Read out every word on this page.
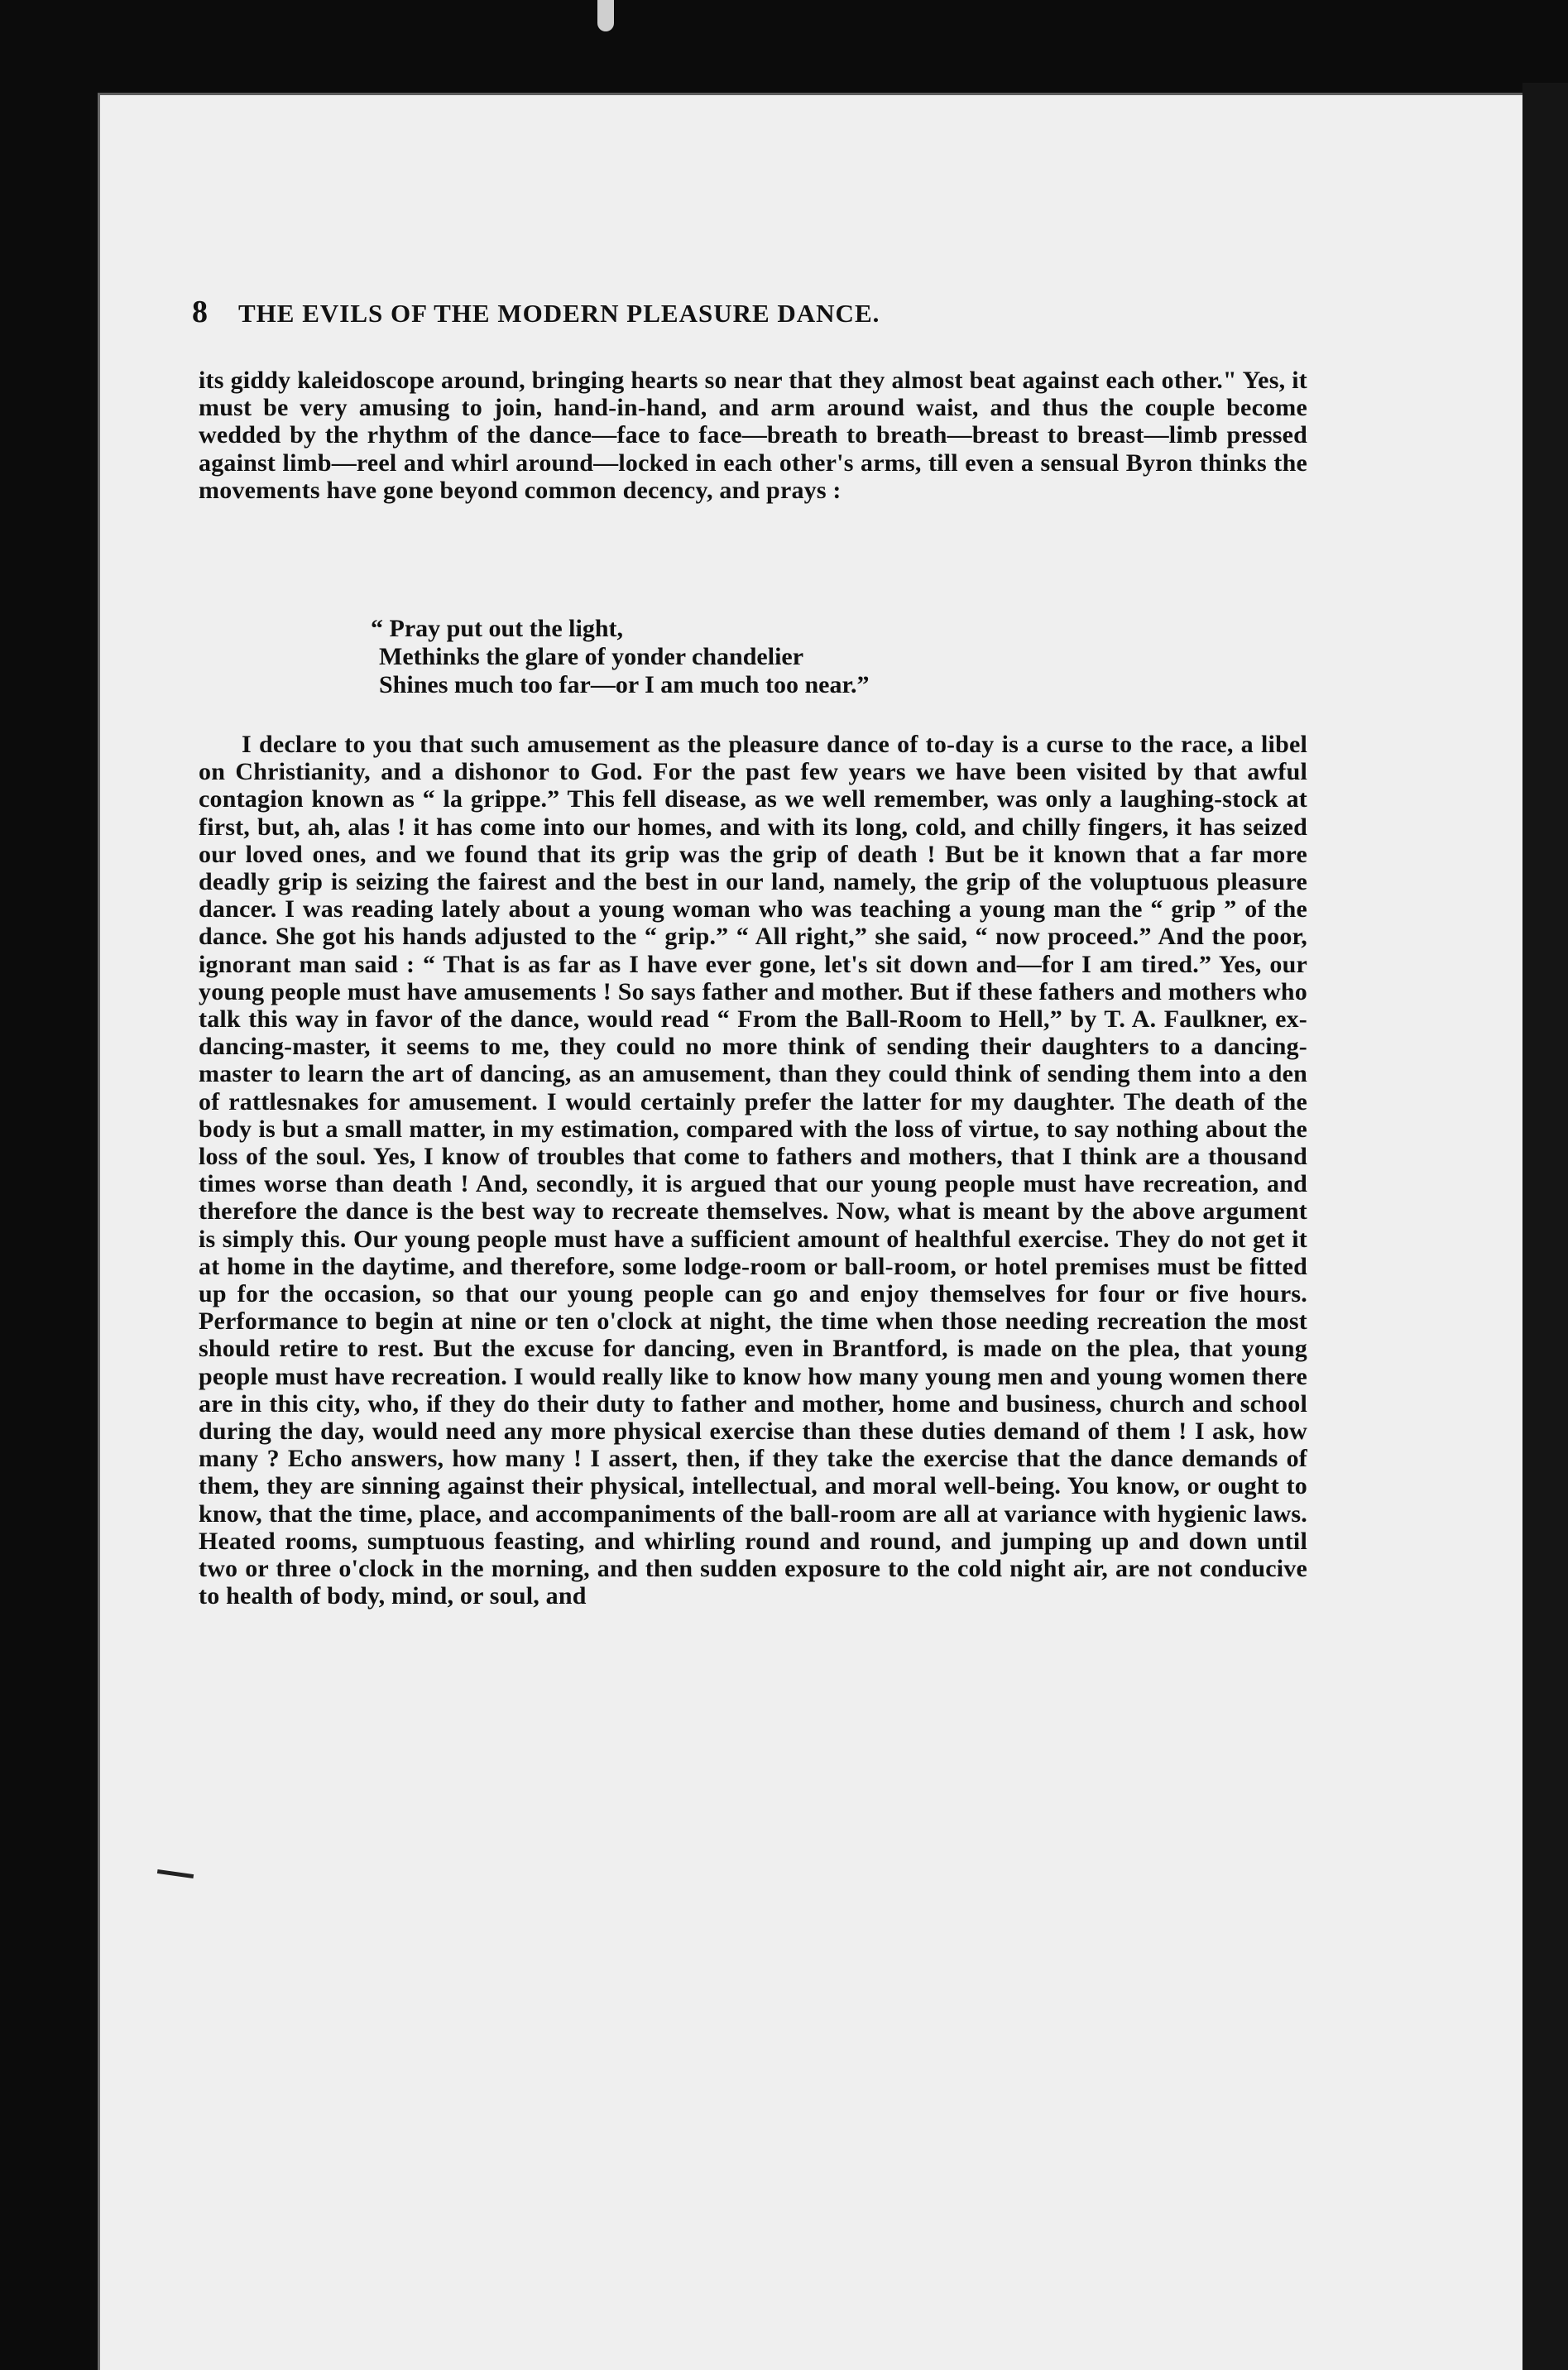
8 THE EVILS OF THE MODERN PLEASURE DANCE.

its giddy kaleidoscope around, bringing hearts so near that they almost beat against each other." Yes, it must be very amusing to join, hand-in-hand, and arm around waist, and thus the couple become wedded by the rhythm of the dance—face to face—breath to breath—breast to breast—limb pressed against limb—reel and whirl around—locked in each other's arms, till even a sensual Byron thinks the movements have gone beyond common decency, and prays :

“ Pray put out the light,
Methinks the glare of yonder chandelier
Shines much too far—or I am much too near.”

I declare to you that such amusement as the pleasure dance of to-day is a curse to the race, a libel on Christianity, and a dishonor to God. For the past few years we have been visited by that awful contagion known as “ la grippe.” This fell disease, as we well remember, was only a laughing-stock at first, but, ah, alas ! it has come into our homes, and with its long, cold, and chilly fingers, it has seized our loved ones, and we found that its grip was the grip of death ! But be it known that a far more deadly grip is seizing the fairest and the best in our land, namely, the grip of the voluptuous pleasure dancer. I was reading lately about a young woman who was teaching a young man the “ grip ” of the dance. She got his hands adjusted to the “ grip.” “ All right,” she said, “ now proceed.” And the poor, ignorant man said : “ That is as far as I have ever gone, let's sit down and—for I am tired.” Yes, our young people must have amusements ! So says father and mother. But if these fathers and mothers who talk this way in favor of the dance, would read “ From the Ball-Room to Hell,” by T. A. Faulkner, ex-dancing-master, it seems to me, they could no more think of sending their daughters to a dancing-master to learn the art of dancing, as an amusement, than they could think of sending them into a den of rattlesnakes for amusement. I would certainly prefer the latter for my daughter. The death of the body is but a small matter, in my estimation, compared with the loss of virtue, to say nothing about the loss of the soul. Yes, I know of troubles that come to fathers and mothers, that I think are a thousand times worse than death ! And, secondly, it is argued that our young people must have recreation, and therefore the dance is the best way to recreate themselves. Now, what is meant by the above argument is simply this. Our young people must have a sufficient amount of healthful exercise. They do not get it at home in the daytime, and therefore, some lodge-room or ball-room, or hotel premises must be fitted up for the occasion, so that our young people can go and enjoy themselves for four or five hours. Performance to begin at nine or ten o'clock at night, the time when those needing recreation the most should retire to rest. But the excuse for dancing, even in Brantford, is made on the plea, that young people must have recreation. I would really like to know how many young men and young women there are in this city, who, if they do their duty to father and mother, home and business, church and school during the day, would need any more physical exercise than these duties demand of them ! I ask, how many ? Echo answers, how many ! I assert, then, if they take the exercise that the dance demands of them, they are sinning against their physical, intellectual, and moral well-being. You know, or ought to know, that the time, place, and accompaniments of the ball-room are all at variance with hygienic laws. Heated rooms, sumptuous feasting, and whirling round and round, and jumping up and down until two or three o'clock in the morning, and then sudden exposure to the cold night air, are not conducive to health of body, mind, or soul, and
